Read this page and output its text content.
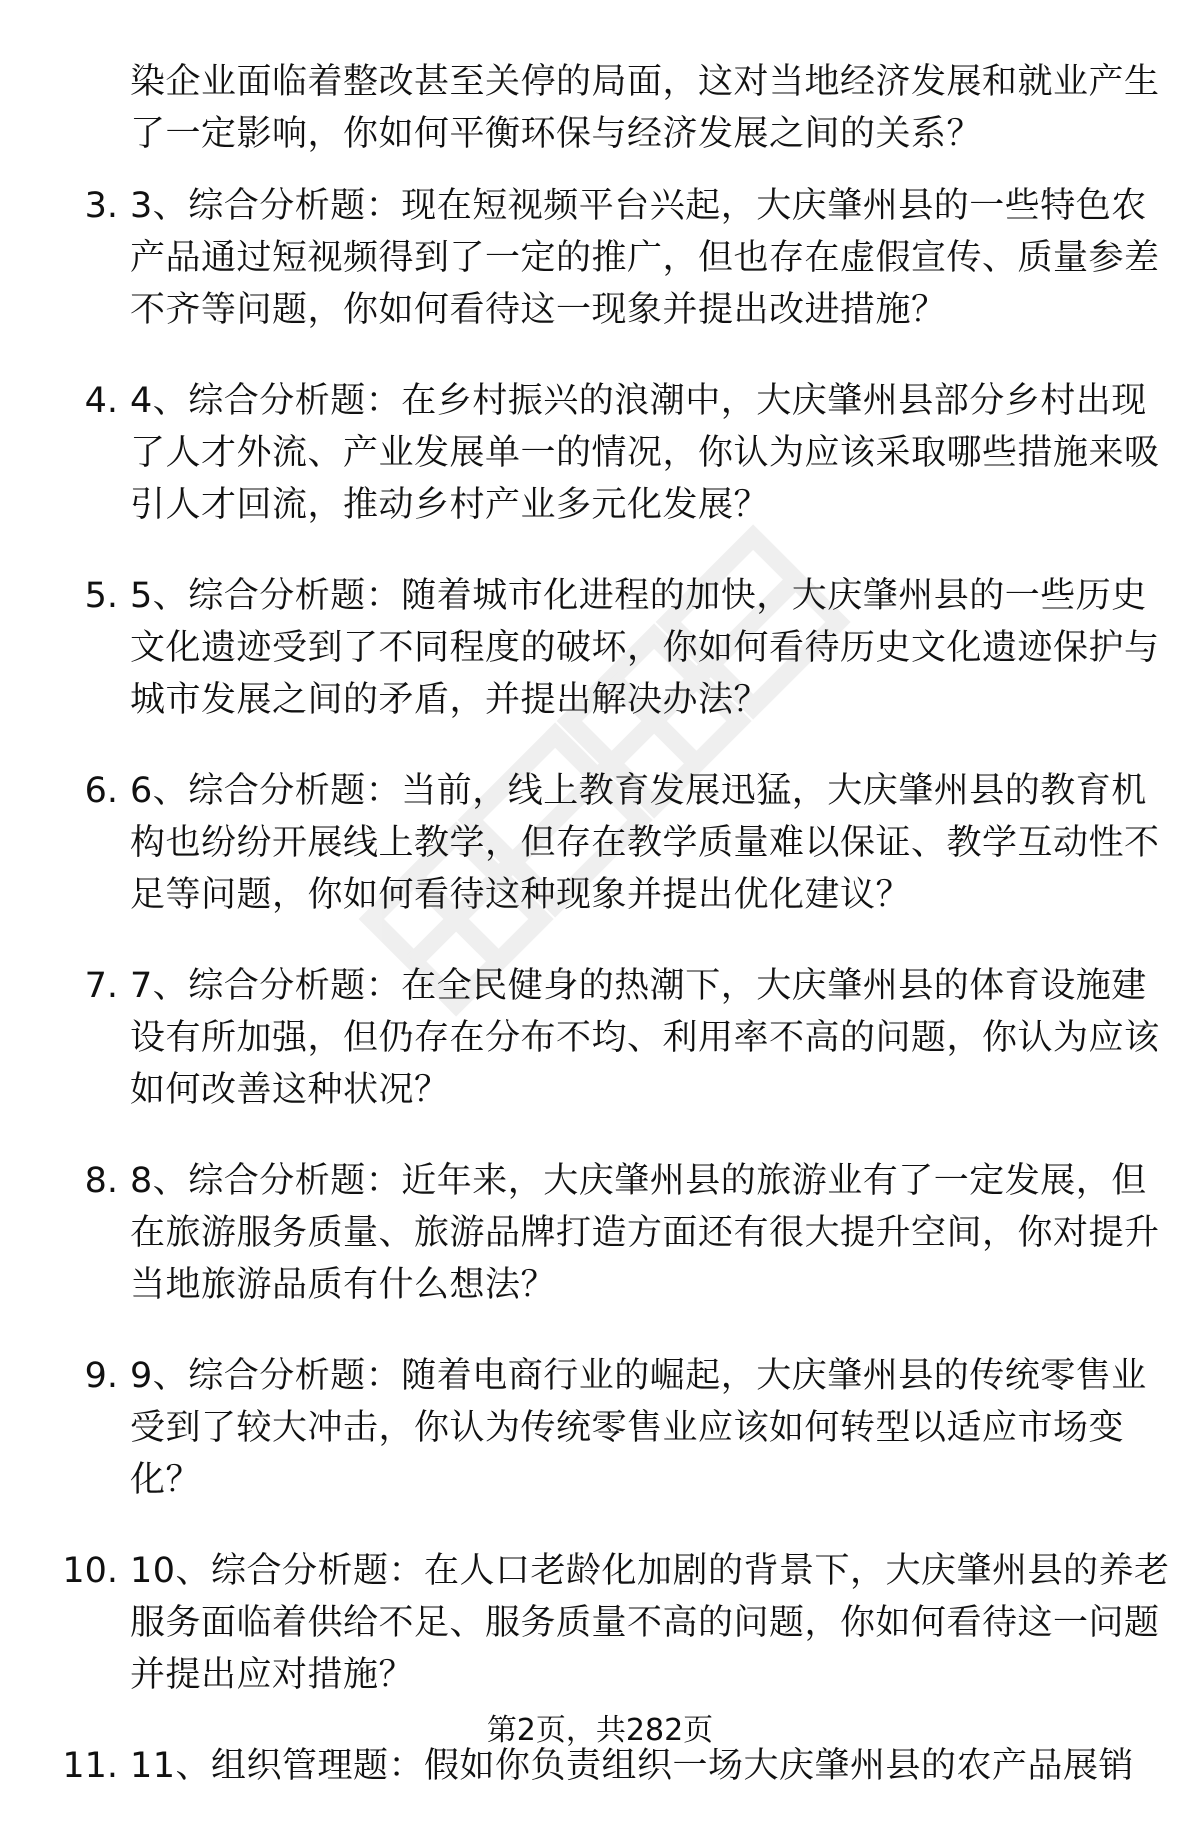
染企业面临着整改甚至关停的局面，这对当地经济发展和就业产生了一定影响，你如何平衡环保与经济发展之间的关系？
3. 3、综合分析题：现在短视频平台兴起，大庆肇州县的一些特色农产品通过短视频得到了一定的推广，但也存在虚假宣传、质量参差不齐等问题，你如何看待这一现象并提出改进措施？
4. 4、综合分析题：在乡村振兴的浪潮中，大庆肇州县部分乡村出现了人才外流、产业发展单一的情况，你认为应该采取哪些措施来吸引人才回流，推动乡村产业多元化发展？
5. 5、综合分析题：随着城市化进程的加快，大庆肇州县的一些历史文化遗迹受到了不同程度的破坏，你如何看待历史文化遗迹保护与城市发展之间的矛盾，并提出解决办法？
6. 6、综合分析题：当前，线上教育发展迅猛，大庆肇州县的教育机构也纷纷开展线上教学，但存在教学质量难以保证、教学互动性不足等问题，你如何看待这种现象并提出优化建议？
7. 7、综合分析题：在全民健身的热潮下，大庆肇州县的体育设施建设有所加强，但仍存在分布不均、利用率不高的问题，你认为应该如何改善这种状况？
8. 8、综合分析题：近年来，大庆肇州县的旅游业有了一定发展，但在旅游服务质量、旅游品牌打造方面还有很大提升空间，你对提升当地旅游品质有什么想法？
9. 9、综合分析题：随着电商行业的崛起，大庆肇州县的传统零售业受到了较大冲击，你认为传统零售业应该如何转型以适应市场变化？
10. 10、综合分析题：在人口老龄化加剧的背景下，大庆肇州县的养老服务面临着供给不足、服务质量不高的问题，你如何看待这一问题并提出应对措施？
11. 11、组织管理题：假如你负责组织一场大庆肇州县的农产品展销
第2页，共282页
